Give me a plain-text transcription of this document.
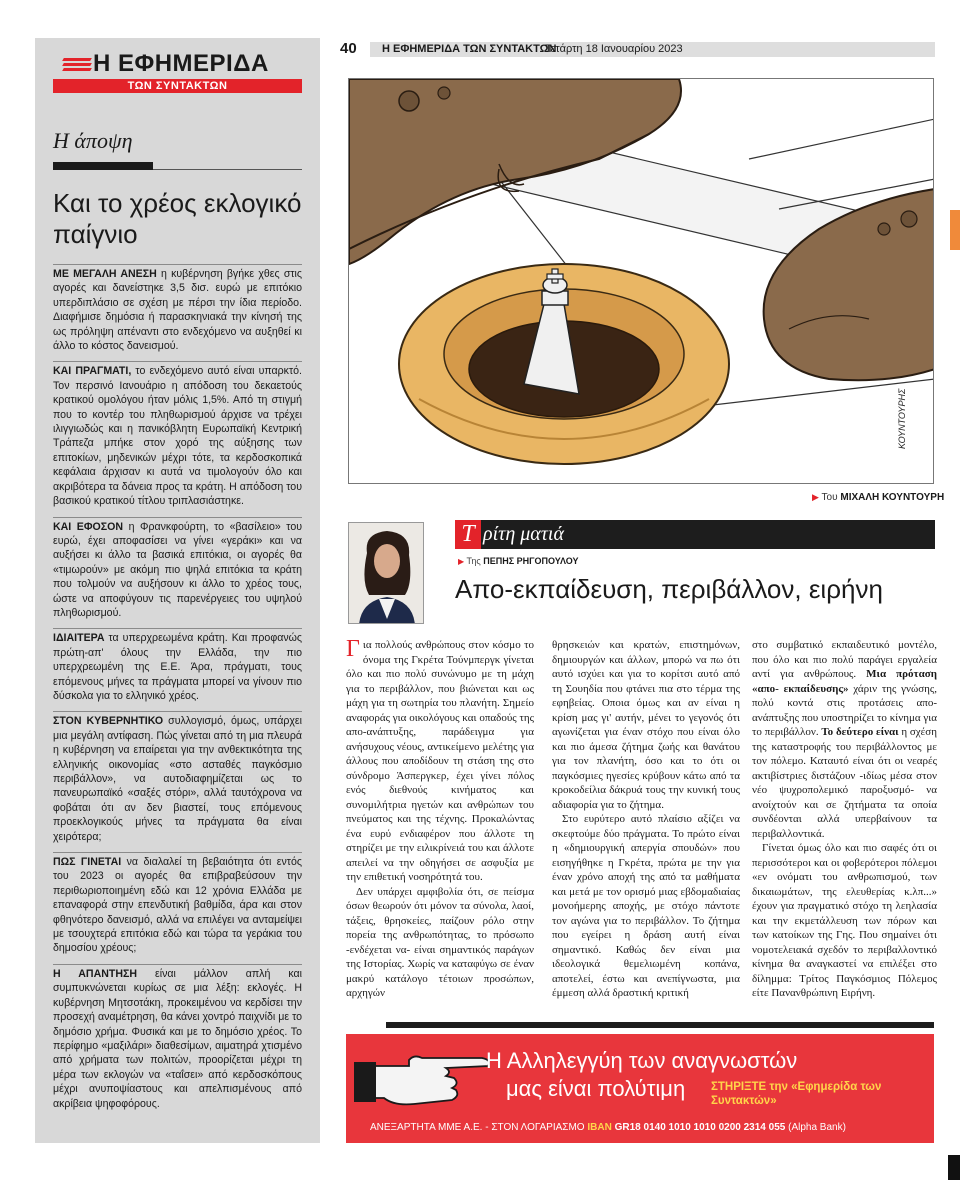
Η ΕΦΗΜΕΡΙΔΑ
ΤΩΝ ΣΥΝΤΑΚΤΩΝ
Η άποψη
Και το χρέος εκλογικό παίγνιο

ΜΕ ΜΕΓΑΛΗ ΑΝΕΣΗ η κυβέρνηση βγήκε χθες στις αγορές και δανείστηκε 3,5 δισ. ευρώ με επιτόκιο υπερδιπλάσιο σε σχέση με πέρσι την ίδια περίοδο. Διαφήμισε δημόσια ή παρασκηνιακά την κίνησή της ως πρόληψη απέναντι στο ενδεχόμενο να αυξηθεί κι άλλο το κόστος δανεισμού.

ΚΑΙ ΠΡΑΓΜΑΤΙ, το ενδεχόμενο αυτό είναι υπαρκτό. Τον περσινό Ιανουάριο η απόδοση του δεκαετούς κρατικού ομολόγου ήταν μόλις 1,5%. Από τη στιγμή που το κοντέρ του πληθωρισμού άρχισε να τρέχει ιλιγγιωδώς και η πανικόβλητη Ευρωπαϊκή Κεντρική Τράπεζα μπήκε στον χορό της αύξησης των επιτοκίων, μηδενικών μέχρι τότε, τα κερδοσκοπικά κεφάλαια άρχισαν κι αυτά να τιμολογούν όλο και ακριβότερα τα δάνεια προς τα κράτη. Η απόδοση του βασικού κρατικού τίτλου τριπλασιάστηκε.

ΚΑΙ ΕΦΟΣΟΝ η Φρανκφούρτη, το «βασίλειο» του ευρώ, έχει αποφασίσει να γίνει «γεράκι» και να αυξήσει κι άλλο τα βασικά επιτόκια, οι αγορές θα «τιμωρούν» με ακόμη πιο ψηλά επιτόκια τα κράτη που τολμούν να αυξήσουν κι άλλο το χρέος τους, ώστε να αποφύγουν τις παρενέργειες του υψηλού πληθωρισμού.

ΙΔΙΑΙΤΕΡΑ τα υπερχρεωμένα κράτη. Και προφανώς πρώτη-απ' όλους την Ελλάδα, την πιο υπερχρεωμένη της Ε.Ε. Άρα, πράγματι, τους επόμενους μήνες τα πράγματα μπορεί να γίνουν πιο δύσκολα για το ελληνικό χρέος.

ΣΤΟΝ ΚΥΒΕΡΝΗΤΙΚΟ συλλογισμό, όμως, υπάρχει μια μεγάλη αντίφαση. Πώς γίνεται από τη μια πλευρά η κυβέρνηση να επαίρεται για την ανθεκτικότητα της ελληνικής οικονομίας «στο ασταθές παγκόσμιο περιβάλλον», να αυτοδιαφημίζεται ως το πανευρωπαϊκό «σαξές στόρι», αλλά ταυτόχρονα να φοβάται ότι αν δεν βιαστεί, τους επόμενους προεκλογικούς μήνες τα πράγματα θα είναι χειρότερα;

ΠΩΣ ΓΙΝΕΤΑΙ να διαλαλεί τη βεβαιότητα ότι εντός του 2023 οι αγορές θα επιβραβεύσουν την περιθωριοποιημένη εδώ και 12 χρόνια Ελλάδα με επαναφορά στην επενδυτική βαθμίδα, άρα και στον φθηνότερο δανεισμό, αλλά να επιλέγει να ανταμείψει με τσουχτερά επιτόκια εδώ και τώρα τα γεράκια του δημοσίου χρέους;

Η ΑΠΑΝΤΗΣΗ είναι μάλλον απλή και συμπυκνώνεται κυρίως σε μια λέξη: εκλογές. Η κυβέρνηση Μητσοτάκη, προκειμένου να κερδίσει την προσεχή αναμέτρηση, θα κάνει χοντρό παιχνίδι με το δημόσιο χρήμα. Φυσικά και με το δημόσιο χρέος. Το περίφημο «μαξιλάρι» διαθεσίμων, αιματηρά χτισμένο από χρήματα των πολιτών, προορίζεται μέχρι τη μέρα των εκλογών να «ταΐσει» από κερδοσκόπους μέχρι ανυποψίαστους και απελπισμένους από ακρίβεια ψηφοφόρους.

40 Η ΕΦΗΜΕΡΙΔΑ ΤΩΝ ΣΥΝΤΑΚΤΩΝ
Τετάρτη 18 Ιανουαρίου 2023
ΚΟΥΝΤΟΥΡΗΣ
▶ Του ΜΙΧΑΛΗ ΚΟΥΝΤΟΥΡΗ
Τ ρίτη ματιά
▶ Της ΠΕΠΗΣ ΡΗΓΟΠΟΥΛΟΥ
Απο-εκπαίδευση, περιβάλλον, ειρήνη

Για πολλούς ανθρώπους στον κόσμο το όνομα της Γκρέτα Τούνμπεργκ γίνεται όλο και πιο πολύ συνώνυμο με τη μάχη για το περιβάλλον, που βιώνεται και ως μάχη για τη σωτηρία του πλανήτη. Σημείο αναφοράς για οικολόγους και οπαδούς της απο-ανάπτυξης, παράδειγμα για ανήσυχους νέους, αντικείμενο μελέτης για άλλους που αποδίδουν τη στάση της στο σύνδρομο Άσπεργκερ, έχει γίνει πόλος ενός διεθνούς κινήματος και συνομιλήτρια ηγετών και ανθρώπων του πνεύματος και της τέχνης. Προκαλώντας ένα ευρύ ενδιαφέρον που άλλοτε τη στηρίζει με την ειλικρίνειά του και άλλοτε απειλεί να την οδηγήσει σε ασφυξία με την επιθετική νοσηρότητά του.

Δεν υπάρχει αμφιβολία ότι, σε πείσμα όσων θεωρούν ότι μόνον τα σύνολα, λαοί, τάξεις, θρησκείες, παίζουν ρόλο στην πορεία της ανθρωπότητας, το πρόσωπο -ενδέχεται να- είναι σημαντικός παράγων της Ιστορίας. Χωρίς να καταφύγω σε έναν μακρύ κατάλογο τέτοιων προσώπων, αρχηγών

θρησκειών και κρατών, επιστημόνων, δημιουργών και άλλων, μπορώ να πω ότι αυτό ισχύει και για το κορίτσι αυτό από τη Σουηδία που φτάνει πια στο τέρμα της εφηβείας. Οποια όμως και αν είναι η κρίση μας γι' αυτήν, μένει το γεγονός ότι αγωνίζεται για έναν στόχο που είναι όλο και πιο άμεσα ζήτημα ζωής και θανάτου για τον πλανήτη, όσο και το ότι οι παγκόσμιες ηγεσίες κρύβουν κάτω από τα κροκοδείλια δάκρυά τους την κυνική τους αδιαφορία για το ζήτημα.

Στο ευρύτερο αυτό πλαίσιο αξίζει να σκεφτούμε δύο πράγματα. Το πρώτο είναι η «δημιουργική απεργία σπουδών» που εισηγήθηκε η Γκρέτα, πρώτα με την για έναν χρόνο αποχή της από τα μαθήματα και μετά με τον ορισμό μιας εβδομαδιαίας μονοήμερης αποχής, με στόχο πάντοτε τον αγώνα για το περιβάλλον. Το ζήτημα που εγείρει η δράση αυτή είναι σημαντικό. Καθώς δεν είναι μια ιδεολογικά θεμελιωμένη κοπάνα, αποτελεί, έστω και ανεπίγνωστα, μια έμμεση αλλά δραστική κριτική

στο συμβατικό εκπαιδευτικό μοντέλο, που όλο και πιο πολύ παράγει εργαλεία αντί για ανθρώπους. Μια πρόταση «απο- εκπαίδευσης» χάριν της γνώσης, πολύ κοντά στις προτάσεις απο-ανάπτυξης που υποστηρίζει το κίνημα για το περιβάλλον. Το δεύτερο είναι η σχέση της καταστροφής του περιβάλλοντος με τον πόλεμο. Καταυτό είναι ότι οι νεαρές ακτιβίστριες διστάζουν -ιδίως μέσα στον νέο ψυχροπολεμικό παροξυσμό- να ανοίχτούν και σε ζητήματα τα οποία συνδέονται αλλά υπερβαίνουν τα περιβαλλοντικά.

Γίνεται όμως όλο και πιο σαφές ότι οι περισσότεροι και οι φοβερότεροι πόλεμοι «εν ονόματι του ανθρωπισμού, των δικαιωμάτων, της ελευθερίας κ.λπ...» έχουν για πραγματικό στόχο τη λεηλασία και την εκμετάλλευση των πόρων και των κατοίκων της Γης. Που σημαίνει ότι νομοτελειακά σχεδόν το περιβαλλοντικό κίνημα θα αναγκαστεί να επιλέξει στο δίλημμα: Τρίτος Παγκόσμιος Πόλεμος είτε Πανανθρώπινη Ειρήνη.

Η Αλληλεγγύη των αναγνωστών
μας είναι πολύτιμη ΣΤΗΡΙΞΤΕ την «Εφημερίδα των Συντακτών»
ΑΝΕΞΑΡΤΗΤΑ ΜΜΕ Α.Ε. - ΣΤΟΝ ΛΟΓΑΡΙΑΣΜΟ IBAN GR18 0140 1010 1010 0200 2314 055 (Alpha Bank)
